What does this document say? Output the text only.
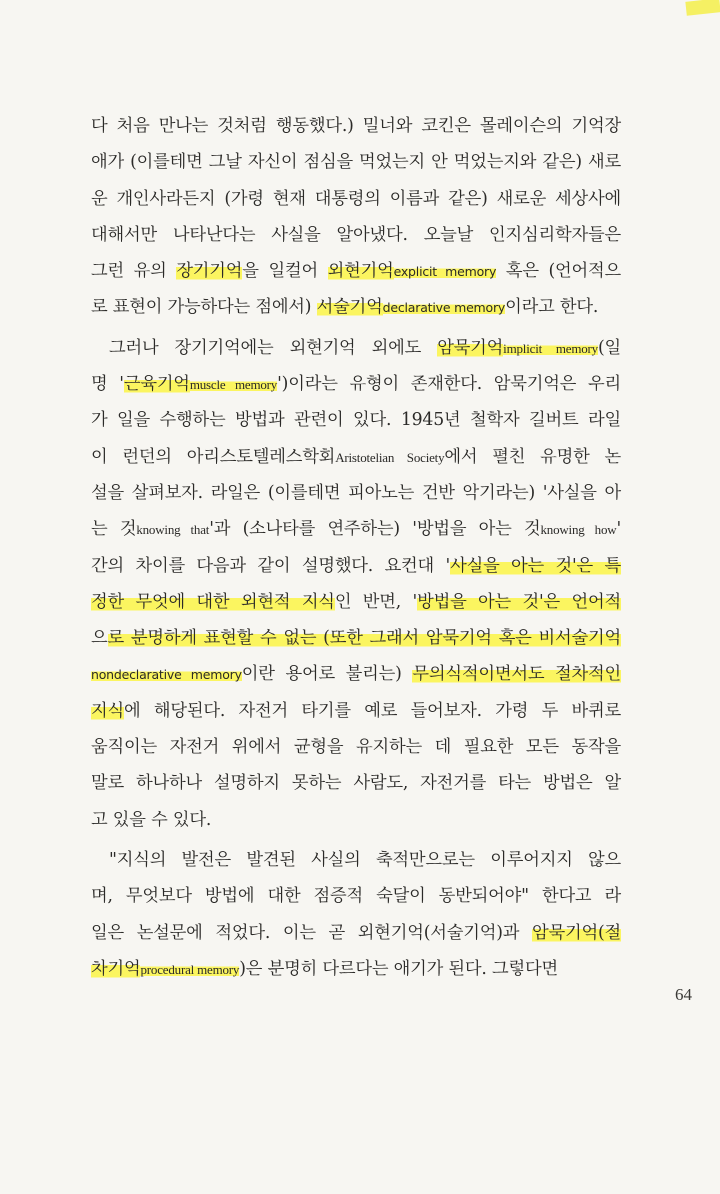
다 처음 만나는 것처럼 행동했다.) 밀너와 코킨은 몰레이슨의 기억장
애가 (이를테면 그날 자신이 점심을 먹었는지 안 먹었는지와 같은) 새로
운 개인사라든지 (가령 현재 대통령의 이름과 같은) 새로운 세상사에
대해서만 나타난다는 사실을 알아냈다. 오늘날 인지심리학자들은
그런 유의 장기기억을 일컬어 외현기억explicit memory 혹은 (언어적으
로 표현이 가능하다는 점에서) 서술기억declarative memory이라고 한다.
그러나 장기기억에는 외현기억 외에도 암묵기억implicit memory(일
명 '근육기억muscle memory')이라는 유형이 존재한다. 암묵기억은 우리
가 일을 수행하는 방법과 관련이 있다. 1945년 철학자 길버트 라일
이 런던의 아리스토텔레스학회Aristotelian Society에서 펼친 유명한 논
설을 살펴보자. 라일은 (이를테면 피아노는 건반 악기라는) '사실을 아
는 것knowing that'과 (소나타를 연주하는) '방법을 아는 것knowing how'
간의 차이를 다음과 같이 설명했다. 요컨대 '사실을 아는 것'은 특
정한 무엇에 대한 외현적 지식인 반면, '방법을 아는 것'은 언어적
으로 분명하게 표현할 수 없는 (또한 그래서 암묵기억 혹은 비서술기억
nondeclarative memory이란 용어로 불리는) 무의식적이면서도 절차적인
지식에 해당된다. 자전거 타기를 예로 들어보자. 가령 두 바퀴로
움직이는 자전거 위에서 균형을 유지하는 데 필요한 모든 동작을
말로 하나하나 설명하지 못하는 사람도, 자전거를 타는 방법은 알
고 있을 수 있다.
"지식의 발전은 발견된 사실의 축적만으로는 이루어지지 않으
며, 무엇보다 방법에 대한 점증적 숙달이 동반되어야" 한다고 라
일은 논설문에 적었다. 이는 곧 외현기억(서술기억)과 암묵기억(절
차기억procedural memory)은 분명히 다르다는 애기가 된다. 그렇다면
64
